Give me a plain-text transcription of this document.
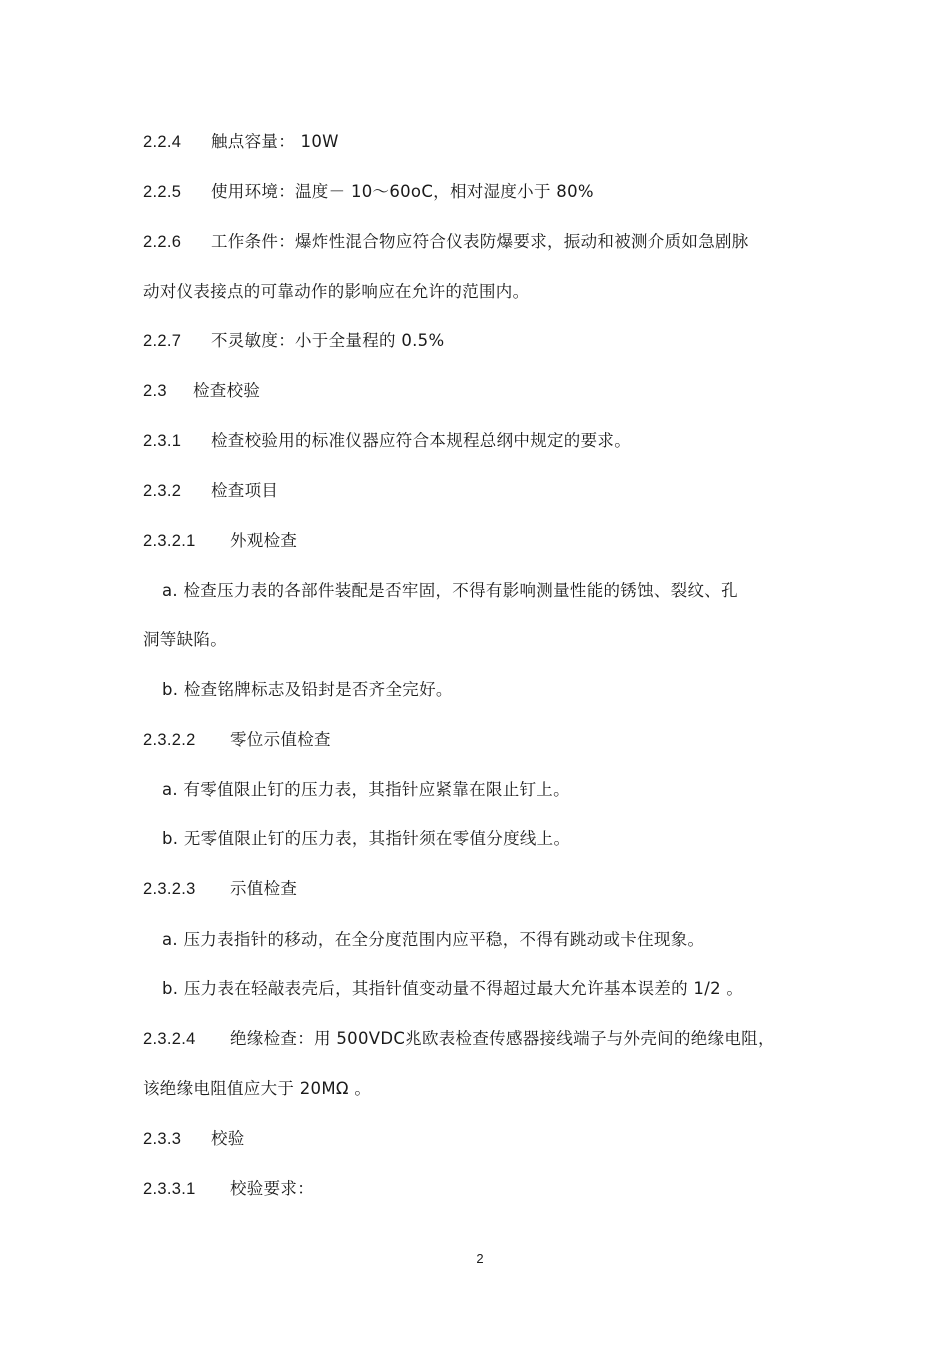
2.2.4 触点容量： 10W
2.2.5 使用环境：温度－ 10～60oC，相对湿度小于 80%
2.2.6 工作条件：爆炸性混合物应符合仪表防爆要求，振动和被测介质如急剧脉
动对仪表接点的可靠动作的影响应在允许的范围内。
2.2.7 不灵敏度：小于全量程的 0.5%
2.3 检查校验
2.3.1 检查校验用的标准仪器应符合本规程总纲中规定的要求。
2.3.2 检查项目
2.3.2.1 外观检查
a. 检查压力表的各部件装配是否牢固，不得有影响测量性能的锈蚀、裂纹、孔
洞等缺陷。
b. 检查铭牌标志及铅封是否齐全完好。
2.3.2.2 零位示值检查
a. 有零值限止钉的压力表，其指针应紧靠在限止钉上。
b. 无零值限止钉的压力表，其指针须在零值分度线上。
2.3.2.3 示值检查
a. 压力表指针的移动，在全分度范围内应平稳，不得有跳动或卡住现象。
b. 压力表在轻敲表壳后，其指针值变动量不得超过最大允许基本误差的 1/2 。
2.3.2.4 绝缘检查：用 500VDC兆欧表检查传感器接线端子与外壳间的绝缘电阻，
该绝缘电阻值应大于 20MΩ 。
2.3.3 校验
2.3.3.1 校验要求：
2
